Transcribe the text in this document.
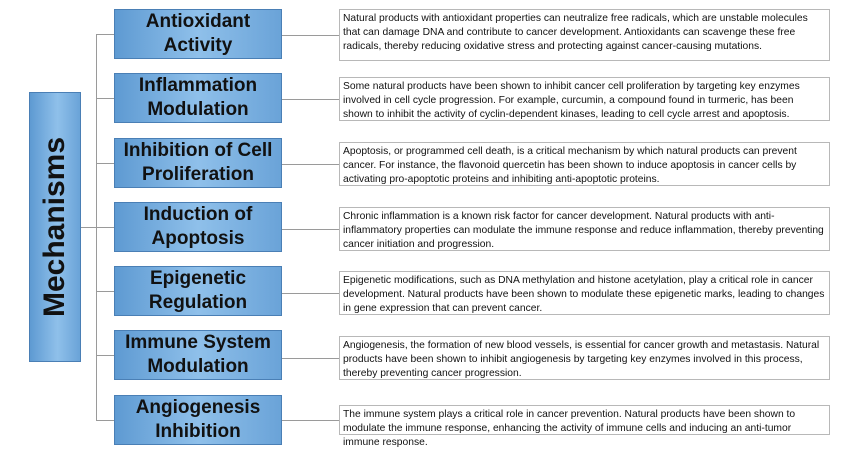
Mechanisms
Antioxidant Activity
Natural products with antioxidant properties can neutralize free radicals, which are unstable molecules that can damage DNA and contribute to cancer development. Antioxidants can scavenge these free radicals, thereby reducing oxidative stress and protecting against cancer-causing mutations.
Inflammation Modulation
Some natural products have been shown to inhibit cancer cell proliferation by targeting key enzymes involved in cell cycle progression. For example, curcumin, a compound found in turmeric, has been shown to inhibit the activity of cyclin-dependent kinases, leading to cell cycle arrest and apoptosis.
Inhibition of Cell Proliferation
Apoptosis, or programmed cell death, is a critical mechanism by which natural products can prevent cancer. For instance, the flavonoid quercetin has been shown to induce apoptosis in cancer cells by activating pro-apoptotic proteins and inhibiting anti-apoptotic proteins.
Induction of Apoptosis
Chronic inflammation is a known risk factor for cancer development. Natural products with anti-inflammatory properties can modulate the immune response and reduce inflammation, thereby preventing cancer initiation and progression.
Epigenetic Regulation
Epigenetic modifications, such as DNA methylation and histone acetylation, play a critical role in cancer development. Natural products have been shown to modulate these epigenetic marks, leading to changes in gene expression that can prevent cancer.
Immune System Modulation
Angiogenesis, the formation of new blood vessels, is essential for cancer growth and metastasis. Natural products have been shown to inhibit angiogenesis by targeting key enzymes involved in this process, thereby preventing cancer progression.
Angiogenesis Inhibition
The immune system plays a critical role in cancer prevention. Natural products have been shown to modulate the immune response, enhancing the activity of immune cells and inducing an anti-tumor immune response.
